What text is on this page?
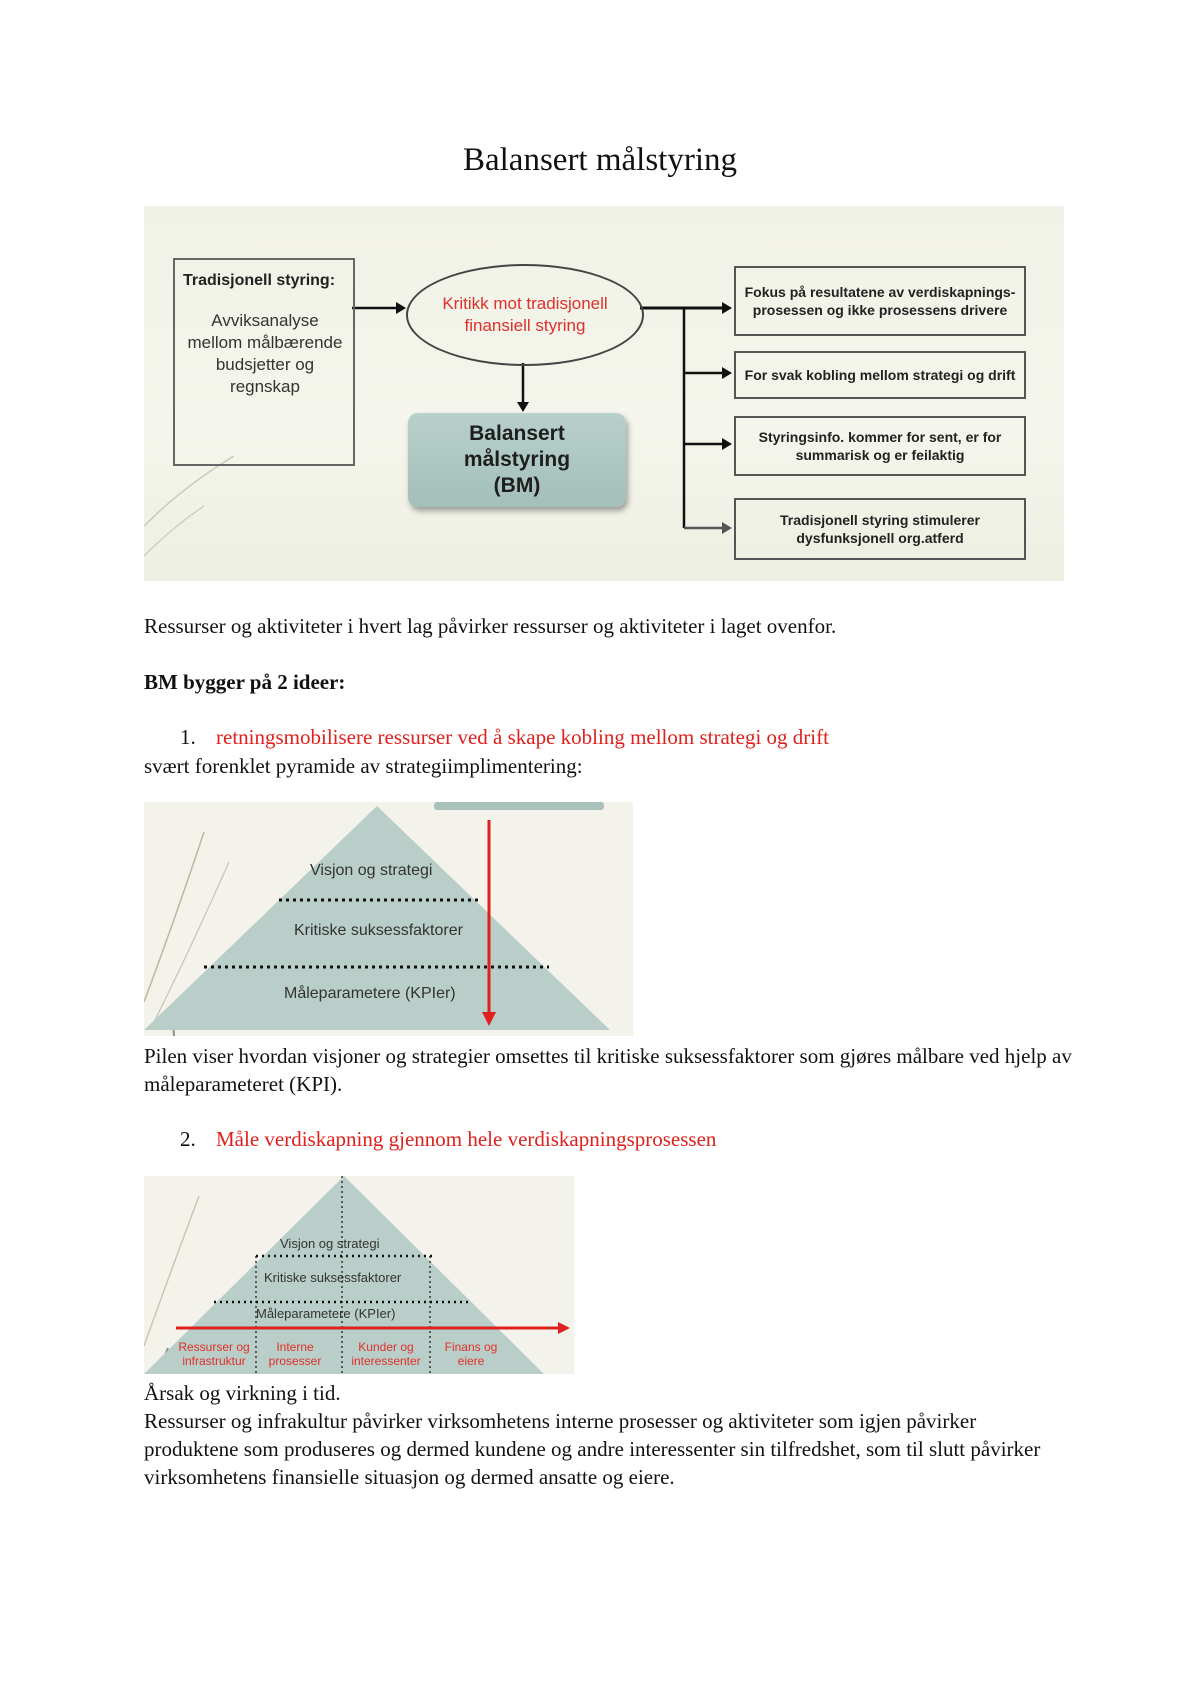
Balansert målstyring
Tradisjonell styring:
Avviksanalyse mellom målbærende budsjetter og regnskap
Kritikk mot tradisjonell finansiell styring
Balansert målstyring (BM)
Fokus på resultatene av verdiskapnings-prosessen og ikke prosessens drivere
For svak kobling mellom strategi og drift
Styringsinfo. kommer for sent, er for summarisk og er feilaktig
Tradisjonell styring stimulerer dysfunksjonell org.atferd
Ressurser og aktiviteter i hvert lag påvirker ressurser og aktiviteter i laget ovenfor.
BM bygger på 2 ideer:
1. retningsmobilisere ressurser ved å skape kobling mellom strategi og drift
svært forenklet pyramide av strategiimplimentering:
Visjon og strategi
Kritiske suksessfaktorer
Måleparametere (KPIer)
Pilen viser hvordan visjoner og strategier omsettes til kritiske suksessfaktorer som gjøres målbare ved hjelp av måleparameteret (KPI).
2. Måle verdiskapning gjennom hele verdiskapningsprosessen
Visjon og strategi
Kritiske suksessfaktorer
Måleparametere (KPIer)
Ressurser og infrastruktur
Interne prosesser
Kunder og interessenter
Finans og eiere
Årsak og virkning i tid.
Ressurser og infrakultur påvirker virksomhetens interne prosesser og aktiviteter som igjen påvirker produktene som produseres og dermed kundene og andre interessenter sin tilfredshet, som til slutt påvirker virksomhetens finansielle situasjon og dermed ansatte og eiere.
